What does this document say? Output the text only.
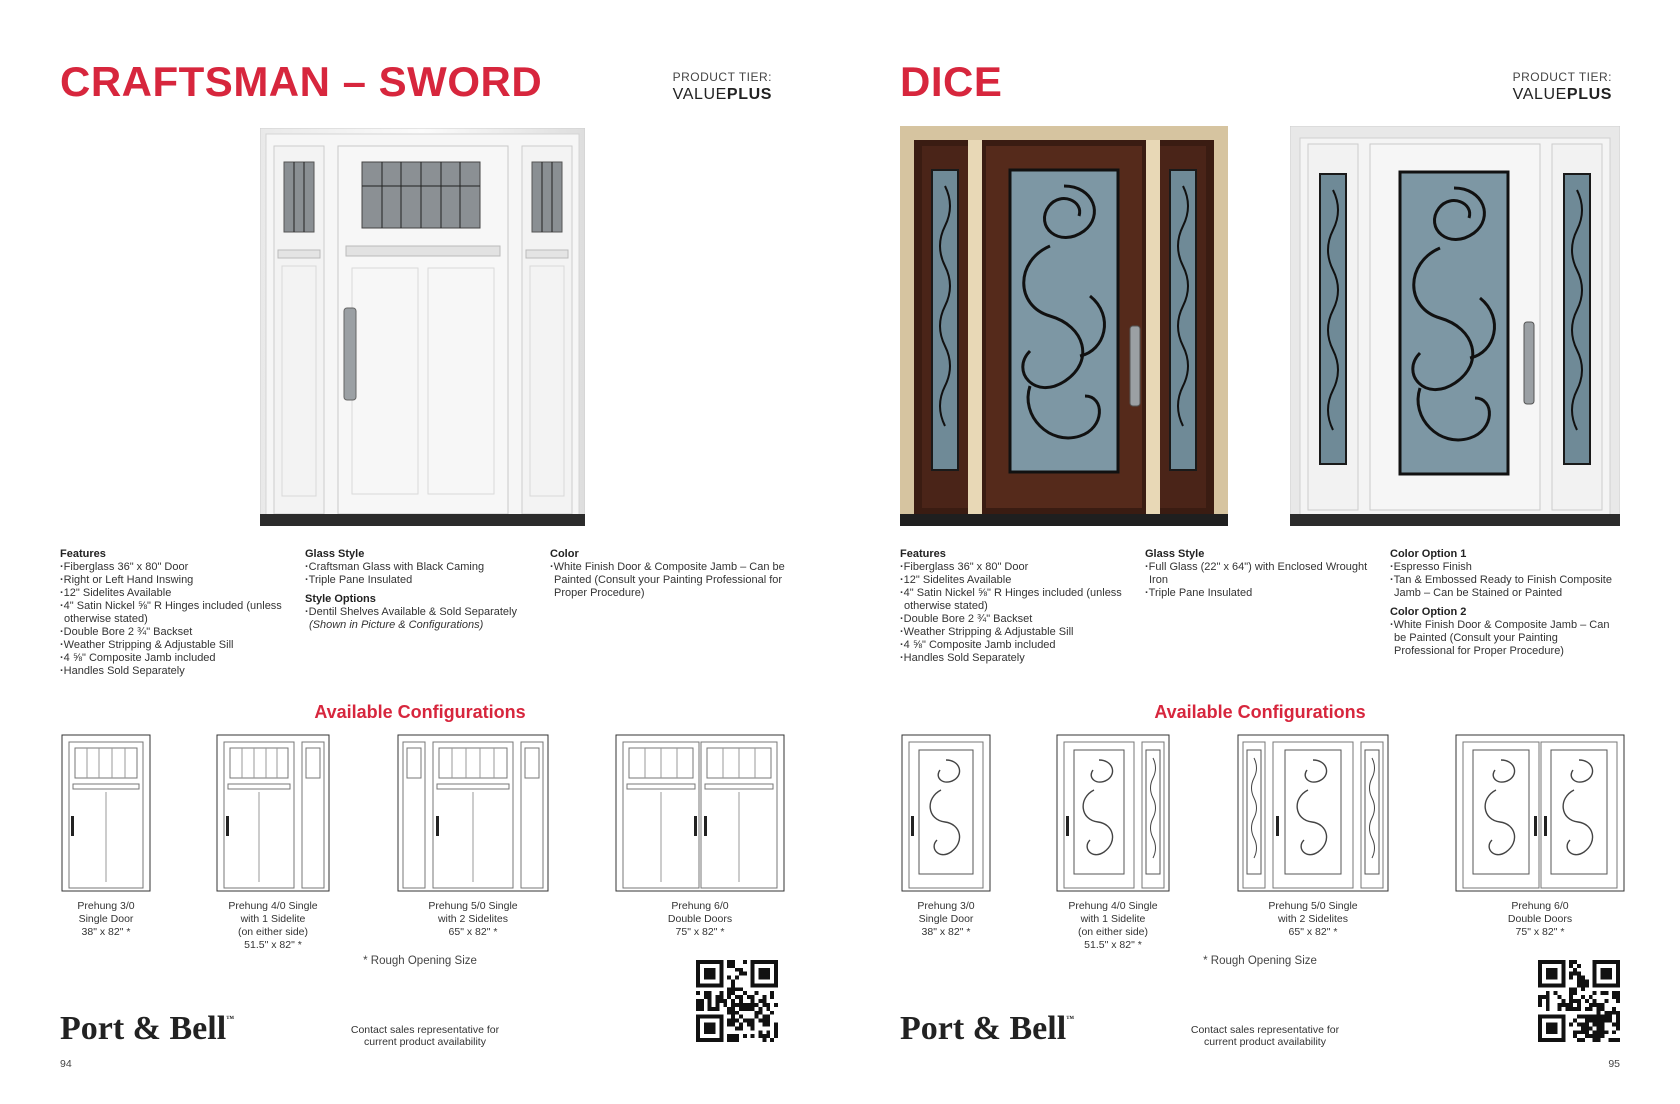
CRAFTSMAN – SWORD	PRODUCT TIER:
VALUEPLUS
Features
· Fiberglass 36" x 80" Door
· Right or Left Hand Inswing
· 12" Sidelites Available
· 4" Satin Nickel ⅝" R Hinges included (unless otherwise stated)
· Double Bore 2 ¾" Backset
· Weather Stripping & Adjustable Sill
· 4 ⅝" Composite Jamb included
· Handles Sold Separately
Glass Style
· Craftsman Glass with Black Caming
· Triple Pane Insulated
Style Options
· Dentil Shelves Available & Sold Separately
(Shown in Picture & Configurations)
Color
· White Finish Door & Composite Jamb – Can be Painted (Consult your Painting Professional for Proper Procedure)
Available Configurations
Prehung 3/0
Single Door
38" x 82" *
Prehung 4/0 Single
with 1 Sidelite
(on either side)
51.5" x 82" *
Prehung 5/0 Single
with 2 Sidelites
65" x 82" *
Prehung 6/0
Double Doors
75" x 82" *
* Rough Opening Size
Port & Bell™
Contact sales representative for
current product availability
94
DICE	PRODUCT TIER:
VALUEPLUS
Features
· Fiberglass 36" x 80" Door
· 12" Sidelites Available
· 4" Satin Nickel ⅝" R Hinges included (unless otherwise stated)
· Double Bore 2 ¾" Backset
· Weather Stripping & Adjustable Sill
· 4 ⅝" Composite Jamb included
· Handles Sold Separately
Glass Style
· Full Glass (22" x 64") with Enclosed Wrought Iron
· Triple Pane Insulated
Color Option 1
· Espresso Finish
· Tan & Embossed Ready to Finish Composite Jamb – Can be Stained or Painted
Color Option 2
· White Finish Door & Composite Jamb – Can be Painted (Consult your Painting Professional for Proper Procedure)
Available Configurations
Prehung 3/0
Single Door
38" x 82" *
Prehung 4/0 Single
with 1 Sidelite
(on either side)
51.5" x 82" *
Prehung 5/0 Single
with 2 Sidelites
65" x 82" *
Prehung 6/0
Double Doors
75" x 82" *
* Rough Opening Size
Port & Bell™
Contact sales representative for
current product availability
95
